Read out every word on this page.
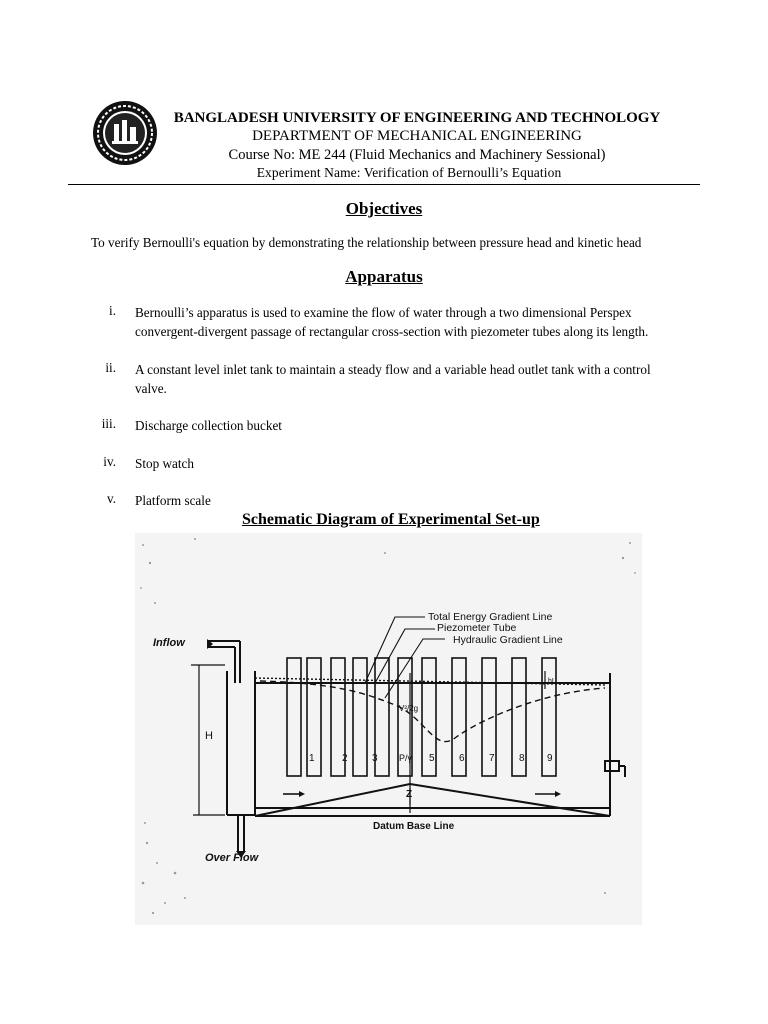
BANGLADESH UNIVERSITY OF ENGINEERING AND TECHNOLOGY
DEPARTMENT OF MECHANICAL ENGINEERING
Course No: ME 244 (Fluid Mechanics and Machinery Sessional)
Experiment Name: Verification of Bernoulli’s Equation
Objectives
To verify Bernoulli's equation by demonstrating the relationship between pressure head and kinetic head
Apparatus
i. Bernoulli’s apparatus is used to examine the flow of water through a two dimensional Perspex convergent-divergent passage of rectangular cross-section with piezometer tubes along its length.
ii. A constant level inlet tank to maintain a steady flow and a variable head outlet tank with a control valve.
iii. Discharge collection bucket
iv. Stop watch
v. Platform scale
Schematic Diagram of Experimental Set-up
Total Energy Gradient Line
Piezometer Tube
Hydraulic Gradient Line
Inflow
Over Flow
Datum Base Line
H
Z
P/γ
V²/2g
hL
1	2 3	5 6 7 8 9
